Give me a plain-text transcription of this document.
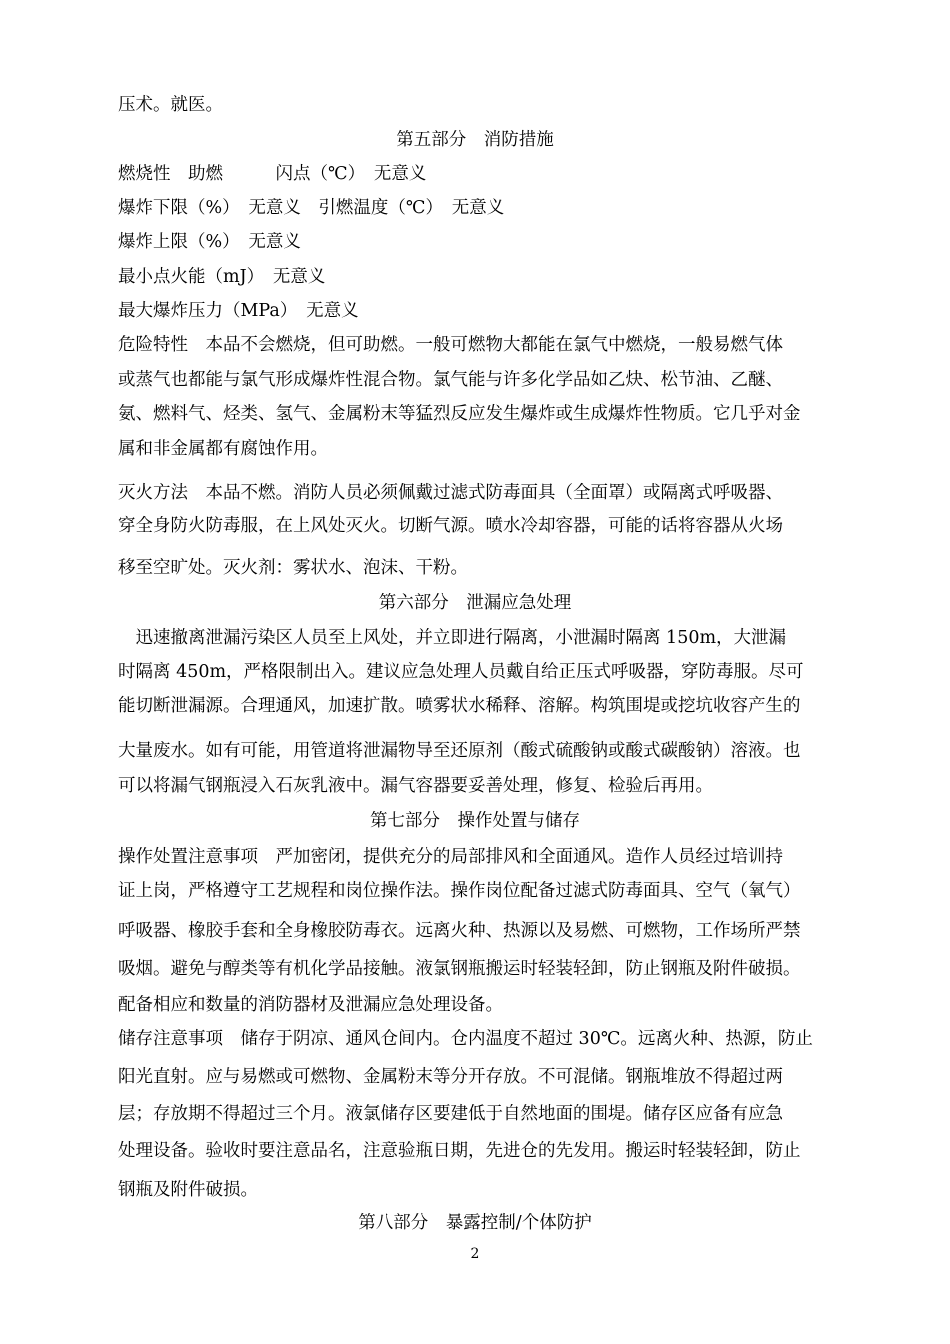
压术。就医。
第五部分　消防措施
燃烧性　助燃　　　闪点（℃）　无意义
爆炸下限（%）　无意义　引燃温度（℃）　无意义
爆炸上限（%）　无意义
最小点火能（mJ）　无意义
最大爆炸压力（MPa）　无意义
危险特性　本品不会燃烧，但可助燃。一般可燃物大都能在氯气中燃烧，一般易燃气体
或蒸气也都能与氯气形成爆炸性混合物。氯气能与许多化学品如乙炔、松节油、乙醚、
氨、燃料气、烃类、氢气、金属粉末等猛烈反应发生爆炸或生成爆炸性物质。它几乎对金
属和非金属都有腐蚀作用。
灭火方法　本品不燃。消防人员必须佩戴过滤式防毒面具（全面罩）或隔离式呼吸器、
穿全身防火防毒服，在上风处灭火。切断气源。喷水冷却容器，可能的话将容器从火场
移至空旷处。灭火剂：雾状水、泡沫、干粉。
第六部分　泄漏应急处理
　迅速撤离泄漏污染区人员至上风处，并立即进行隔离，小泄漏时隔离 150m，大泄漏
时隔离 450m，严格限制出入。建议应急处理人员戴自给正压式呼吸器，穿防毒服。尽可
能切断泄漏源。合理通风，加速扩散。喷雾状水稀释、溶解。构筑围堤或挖坑收容产生的
大量废水。如有可能，用管道将泄漏物导至还原剂（酸式硫酸钠或酸式碳酸钠）溶液。也
可以将漏气钢瓶浸入石灰乳液中。漏气容器要妥善处理，修复、检验后再用。
第七部分　操作处置与储存
操作处置注意事项　严加密闭，提供充分的局部排风和全面通风。造作人员经过培训持
证上岗，严格遵守工艺规程和岗位操作法。操作岗位配备过滤式防毒面具、空气（氧气）
呼吸器、橡胶手套和全身橡胶防毒衣。远离火种、热源以及易燃、可燃物，工作场所严禁
吸烟。避免与醇类等有机化学品接触。液氯钢瓶搬运时轻装轻卸，防止钢瓶及附件破损。
配备相应和数量的消防器材及泄漏应急处理设备。
储存注意事项　储存于阴凉、通风仓间内。仓内温度不超过 30℃。远离火种、热源，防止
阳光直射。应与易燃或可燃物、金属粉末等分开存放。不可混储。钢瓶堆放不得超过两
层；存放期不得超过三个月。液氯储存区要建低于自然地面的围堤。储存区应备有应急
处理设备。验收时要注意品名，注意验瓶日期，先进仓的先发用。搬运时轻装轻卸，防止
钢瓶及附件破损。
第八部分　暴露控制/个体防护
2
